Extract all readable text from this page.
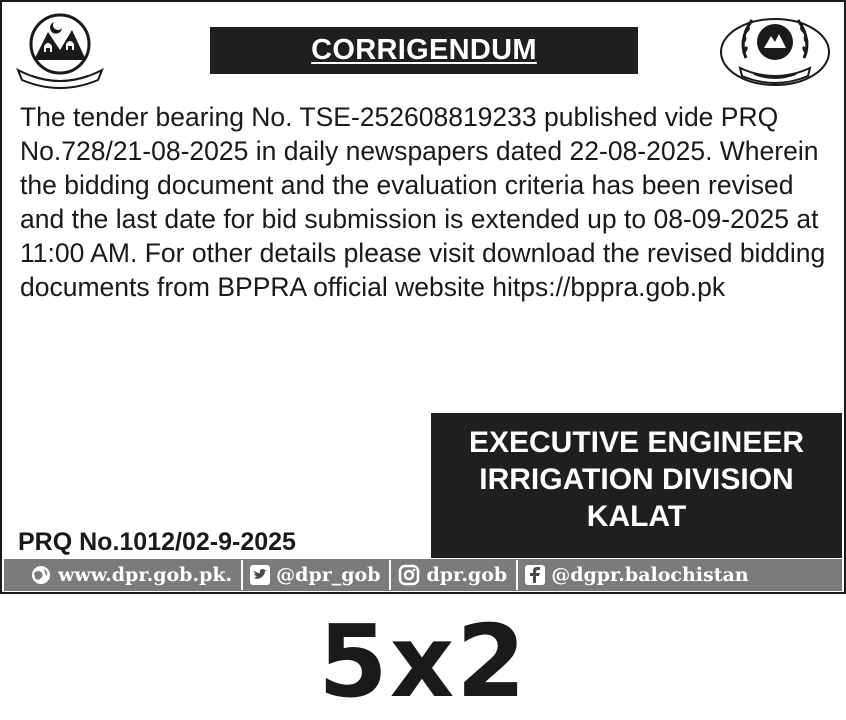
CORRIGENDUM

The tender bearing No. TSE-252608819233 published vide PRQ

No.728/21-08-2025 in daily newspapers dated 22-08-2025. Wherein

the bidding document and the evaluation criteria has been revised

and the last date for bid submission is extended up to 08-09-2025 at

11:00 AM. For other details please visit download the revised bidding

documents from BPPRA official website hitps://bppra.gob.pk

EXECUTIVE ENGINEER
IRRIGATION DIVISION
KALAT
PRQ No.1012/02-9-2025
www.dpr.gob.pk. @dpr_gob dpr.gob @dgpr.balochistan
5x2
